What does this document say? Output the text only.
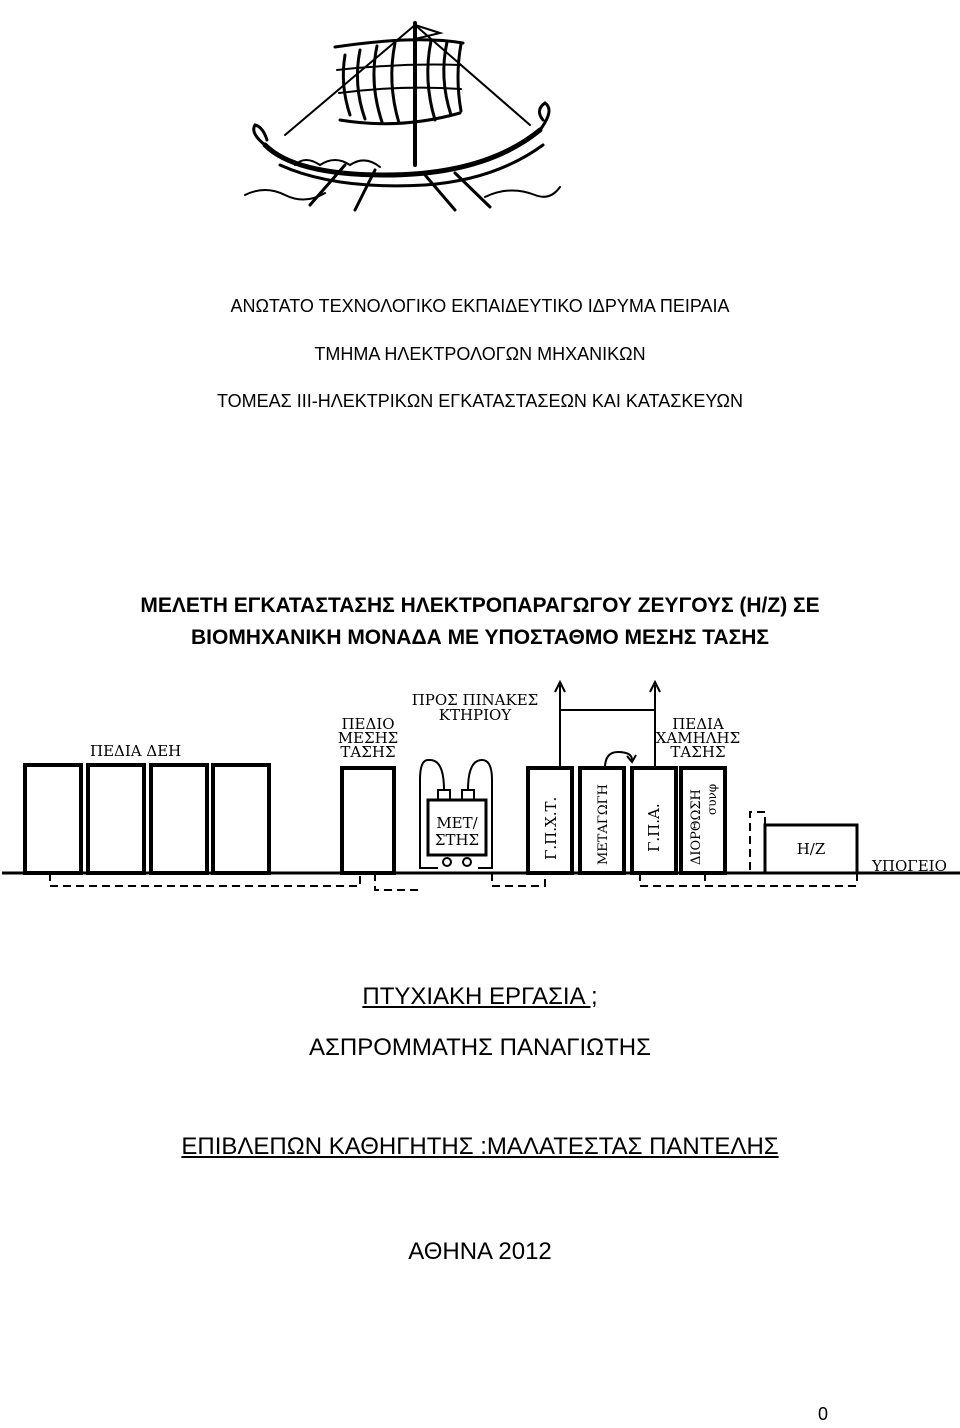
ΑΝΩΤΑΤΟ ΤΕΧΝΟΛΟΓΙΚΟ ΕΚΠΑΙΔΕΥΤΙΚΟ ΙΔΡΥΜΑ ΠΕΙΡΑΙΑ
ΤΜΗΜΑ ΗΛΕΚΤΡΟΛΟΓΩΝ ΜΗΧΑΝΙΚΩΝ
ΤΟΜΕΑΣ ΙΙΙ-ΗΛΕΚΤΡΙΚΩΝ ΕΓΚΑΤΑΣΤΑΣΕΩΝ ΚΑΙ ΚΑΤΑΣΚΕΥΩΝ
ΜΕΛΕΤΗ ΕΓΚΑΤΑΣΤΑΣΗΣ ΗΛΕΚΤΡΟΠΑΡΑΓΩΓΟΥ ΖΕΥΓΟΥΣ (Η/Ζ) ΣΕ
ΒΙΟΜΗΧΑΝΙΚΗ ΜΟΝΑΔΑ ΜΕ ΥΠΟΣΤΑΘΜΟ ΜΕΣΗΣ ΤΑΣΗΣ
ΠΕΔΙΑ ΔΕΗ
ΠΕΔΙΟ
ΜΕΣΗΣ
ΤΑΣΗΣ
ΠΡΟΣ ΠΙΝΑΚΕΣ
ΚΤΗΡΙΟΥ	ΠΕΔΙΑ
ΧΑΜΗΛΗΣ
ΤΑΣΗΣ
ΜΕΤ/
ΣΤΗΣ	Γ.Π.Χ.Τ.	ΜΕΤΑΓΩΓΗ Γ.Π.Α. ΔΙΟΡΘΩΣΗ συνφ
Η/Ζ
ΥΠΟΓΕΙΟ
ΠΤΥΧΙΑΚΗ ΕΡΓΑΣΙΑ ;
ΑΣΠΡΟΜΜΑΤΗΣ ΠΑΝΑΓΙΩΤΗΣ
ΕΠΙΒΛΕΠΩΝ ΚΑΘΗΓΗΤΗΣ :ΜΑΛΑΤΕΣΤΑΣ ΠΑΝΤΕΛΗΣ
ΑΘΗΝΑ 2012
0
